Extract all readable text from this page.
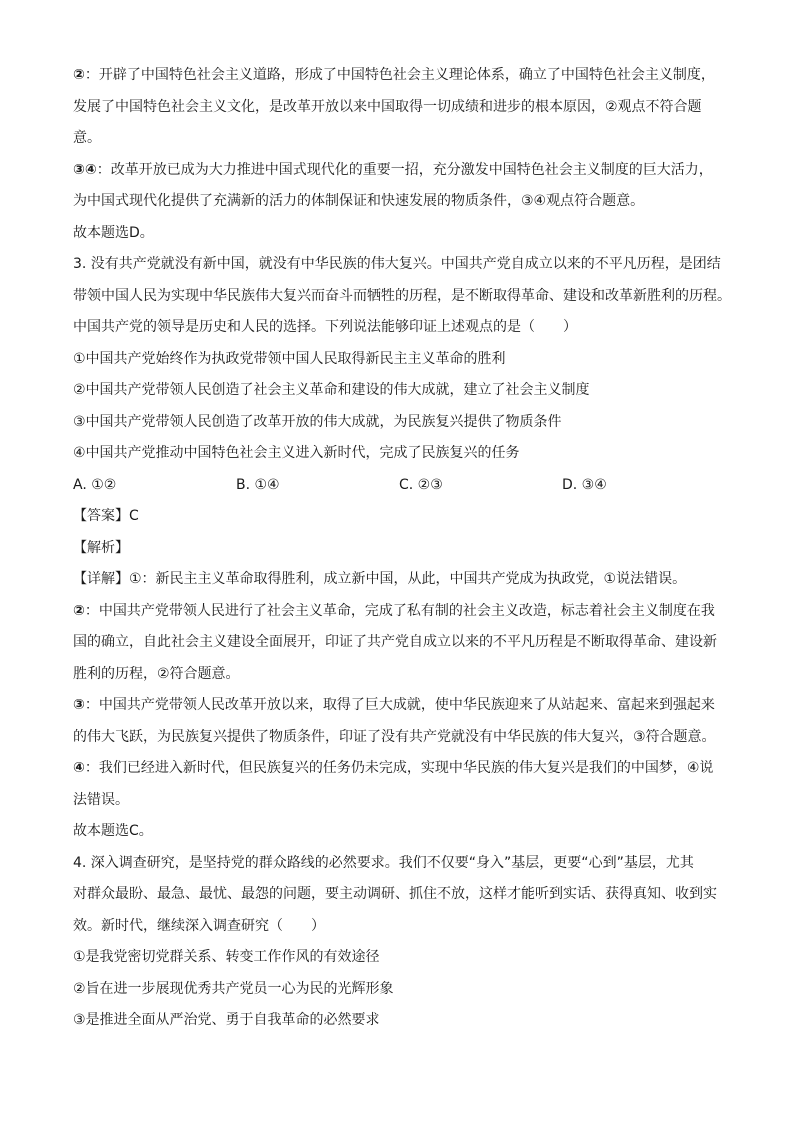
②：开辟了中国特色社会主义道路，形成了中国特色社会主义理论体系，确立了中国特色社会主义制度，

发展了中国特色社会主义文化，是改革开放以来中国取得一切成绩和进步的根本原因，②观点不符合题

意。

③④：改革开放已成为大力推进中国式现代化的重要一招，充分激发中国特色社会主义制度的巨大活力，

为中国式现代化提供了充满新的活力的体制保证和快速发展的物质条件，③④观点符合题意。

故本题选D。

3. 没有共产党就没有新中国，就没有中华民族的伟大复兴。中国共产党自成立以来的不平凡历程，是团结

带领中国人民为实现中华民族伟大复兴而奋斗而牺牲的历程，是不断取得革命、建设和改革新胜利的历程。

中国共产党的领导是历史和人民的选择。下列说法能够印证上述观点的是（　　）

①中国共产党始终作为执政党带领中国人民取得新民主主义革命的胜利

②中国共产党带领人民创造了社会主义革命和建设的伟大成就，建立了社会主义制度

③中国共产党带领人民创造了改革开放的伟大成就，为民族复兴提供了物质条件

④中国共产党推动中国特色社会主义进入新时代，完成了民族复兴的任务

A. ①②	B. ①④	C. ②③	D. ③④

【答案】C

【解析】

【详解】①：新民主主义革命取得胜利，成立新中国，从此，中国共产党成为执政党，①说法错误。

②：中国共产党带领人民进行了社会主义革命，完成了私有制的社会主义改造，标志着社会主义制度在我

国的确立，自此社会主义建设全面展开，印证了共产党自成立以来的不平凡历程是不断取得革命、建设新

胜利的历程，②符合题意。

③：中国共产党带领人民改革开放以来，取得了巨大成就，使中华民族迎来了从站起来、富起来到强起来

的伟大飞跃，为民族复兴提供了物质条件，印证了没有共产党就没有中华民族的伟大复兴，③符合题意。

④：我们已经进入新时代，但民族复兴的任务仍未完成，实现中华民族的伟大复兴是我们的中国梦，④说

法错误。

故本题选C。

4. 深入调查研究，是坚持党的群众路线的必然要求。我们不仅要“身入”基层，更要“心到”基层，尤其

对群众最盼、最急、最忧、最怨的问题，要主动调研、抓住不放，这样才能听到实话、获得真知、收到实

效。新时代，继续深入调查研究（　　）

①是我党密切党群关系、转变工作作风的有效途径

②旨在进一步展现优秀共产党员一心为民的光辉形象

③是推进全面从严治党、勇于自我革命的必然要求
